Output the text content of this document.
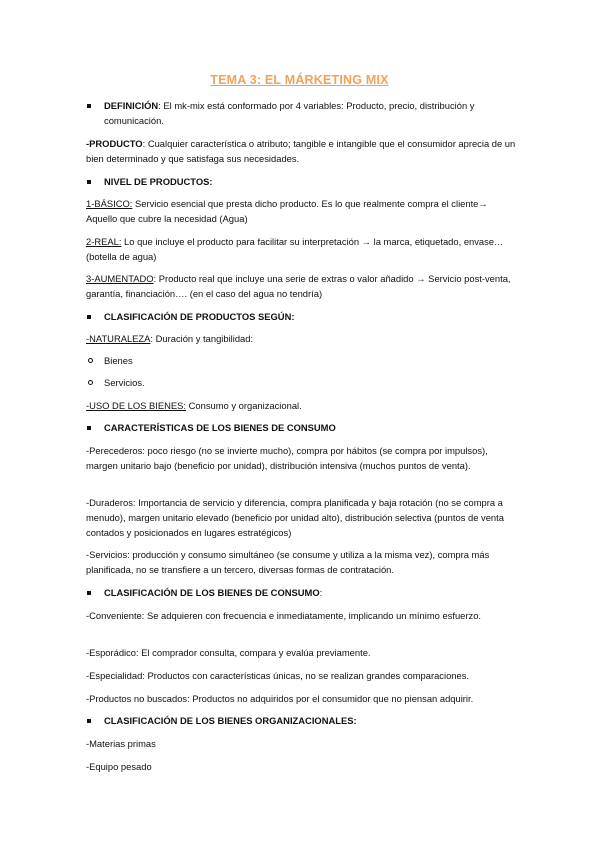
TEMA 3: EL MÁRKETING MIX

DEFINICIÓN: El mk-mix está conformado por 4 variables: Producto, precio, distribución y comunicación.

-PRODUCTO: Cualquier característica o atributo; tangible e intangible que el consumidor aprecia de un bien determinado y que satisfaga sus necesidades.

NIVEL DE PRODUCTOS:

1-BÁSICO: Servicio esencial que presta dicho producto. Es lo que realmente compra el cliente→ Aquello que cubre la necesidad (Agua)

2-REAL: Lo que incluye el producto para facilitar su interpretación → la marca, etiquetado, envase… (botella de agua)

3-AUMENTADO: Producto real que incluye una serie de extras o valor añadido → Servicio post-venta, garantía, financiación…. (en el caso del agua no tendría)

CLASIFICACIÓN DE PRODUCTOS SEGÚN:

-NATURALEZA: Duración y tangibilidad:

Bienes

Servicios.

-USO DE LOS BIENES: Consumo y organizacional.

CARACTERÍSTICAS DE LOS BIENES DE CONSUMO

-Perecederos: poco riesgo (no se invierte mucho), compra por hábitos (se compra por impulsos), margen unitario bajo (beneficio por unidad), distribución intensiva (muchos puntos de venta).

-Duraderos: Importancia de servicio y diferencia, compra planificada y baja rotación (no se compra a menudo), margen unitario elevado (beneficio por unidad alto), distribución selectiva (puntos de venta contados y posicionados en lugares estratégicos)

-Servicios: producción y consumo simultáneo (se consume y utiliza a la misma vez), compra más planificada, no se transfiere a un tercero, diversas formas de contratación.

CLASIFICACIÓN DE LOS BIENES DE CONSUMO:

-Conveniente: Se adquieren con frecuencia e inmediatamente, implicando un mínimo esfuerzo.

-Esporádico: El comprador consulta, compara y evalúa previamente.

-Especialidad: Productos con características únicas, no se realizan grandes comparaciones.

-Productos no buscados: Productos no adquiridos por el consumidor que no piensan adquirir.

CLASIFICACIÓN DE LOS BIENES ORGANIZACIONALES:

-Materias primas

-Equipo pesado
